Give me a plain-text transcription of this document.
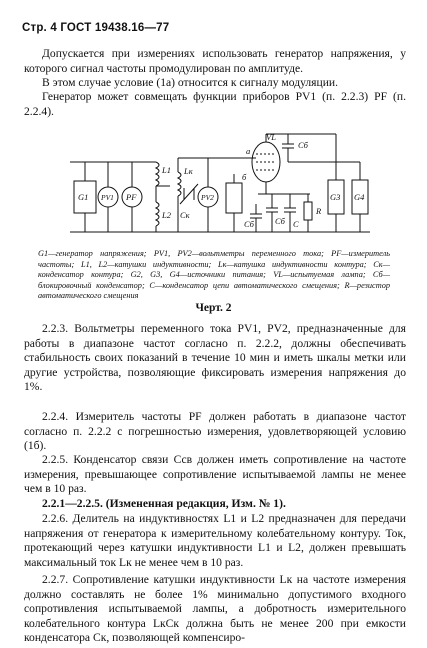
Стр. 4 ГОСТ 19438.16—77
Допускается при измерениях использовать генератор напряжения, у которого сигнал частоты промодулирован по амплитуде.
В этом случае условие (1а) относится к сигналу модуляции.
Генератор может совмещать функции приборов PV1 (п. 2.2.3) PF (п. 2.2.4).
G1 PV1 PF
L1 Lк
L2 Cк
PV2
VL
a
б
Cб
Cб
Cб	C
R
G3 G4
G1—генератор напряжения; PV1, PV2—вольтметры переменного тока; PF—измеритель частоты; L1, L2—катушки индуктивности; Lк—катушка индуктивности контура; Cк—конденсатор контура; G2, G3, G4—источники питания; VL—испытуемая лампа; Cб—блокировочный конденсатор; C—конденсатор цепи автоматического смещения; R—резистор автоматического смещения
Черт. 2
2.2.3. Вольтметры переменного тока PV1, PV2, предназначенные для работы в диапазоне частот согласно п. 2.2.2, должны обеспечивать стабильность своих показаний в течение 10 мин и иметь шкалы метки или другие устройства, позволяющие фиксировать измерения напряжения до 1%.
2.2.4. Измеритель частоты PF должен работать в диапазоне частот согласно п. 2.2.2 с погрешностью измерения, удовлетворяющей условию (1б).
2.2.5. Конденсатор связи Ссв должен иметь сопротивление на частоте измерения, превышающее сопротивление испытываемой лампы не менее чем в 10 раз.
2.2.1—2.2.5. (Измененная редакция, Изм. № 1).
2.2.6. Делитель на индуктивностях L1 и L2 предназначен для передачи напряжения от генератора к измерительному колебательному контуру. Ток, протекающий через катушки индуктивности L1 и L2, должен превышать максимальный ток Lк не менее чем в 10 раз.
2.2.7. Сопротивление катушки индуктивности Lк на частоте измерения должно составлять не более 1% минимально допустимого входного сопротивления испытываемой лампы, а добротность измерительного колебательного контура LкCк должна быть не менее 200 при емкости конденсатора Cк, позволяющей компенсиро-
